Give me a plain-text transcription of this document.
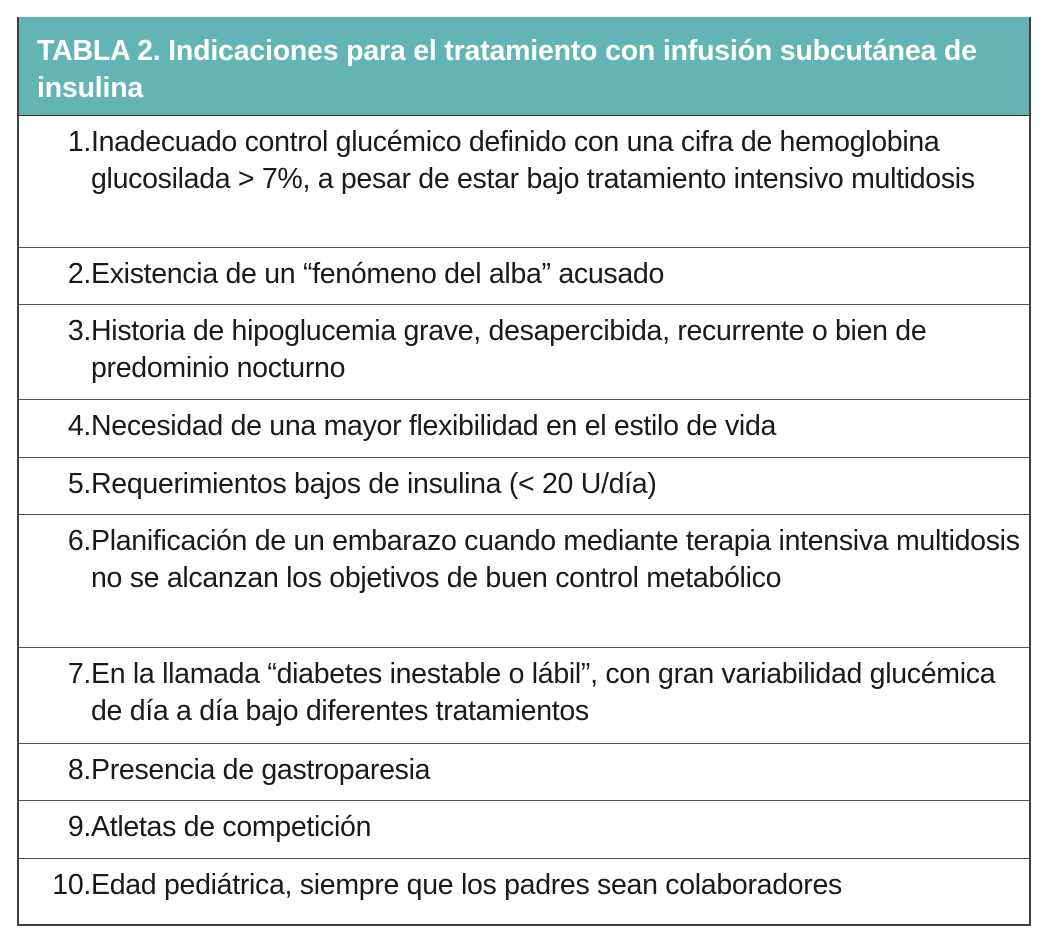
TABLA 2. Indicaciones para el tratamiento con infusión subcutánea de insulina
1. Inadecuado control glucémico definido con una cifra de hemoglobina glucosilada > 7%, a pesar de estar bajo tratamiento intensivo multidosis
2. Existencia de un “fenómeno del alba” acusado
3. Historia de hipoglucemia grave, desapercibida, recurrente o bien de predominio nocturno
4. Necesidad de una mayor flexibilidad en el estilo de vida
5. Requerimientos bajos de insulina (< 20 U/día)
6. Planificación de un embarazo cuando mediante terapia intensiva multidosis no se alcanzan los objetivos de buen control metabólico
7. En la llamada “diabetes inestable o lábil”, con gran variabilidad glucémica de día a día bajo diferentes tratamientos
8. Presencia de gastroparesia
9. Atletas de competición
10. Edad pediátrica, siempre que los padres sean colaboradores
